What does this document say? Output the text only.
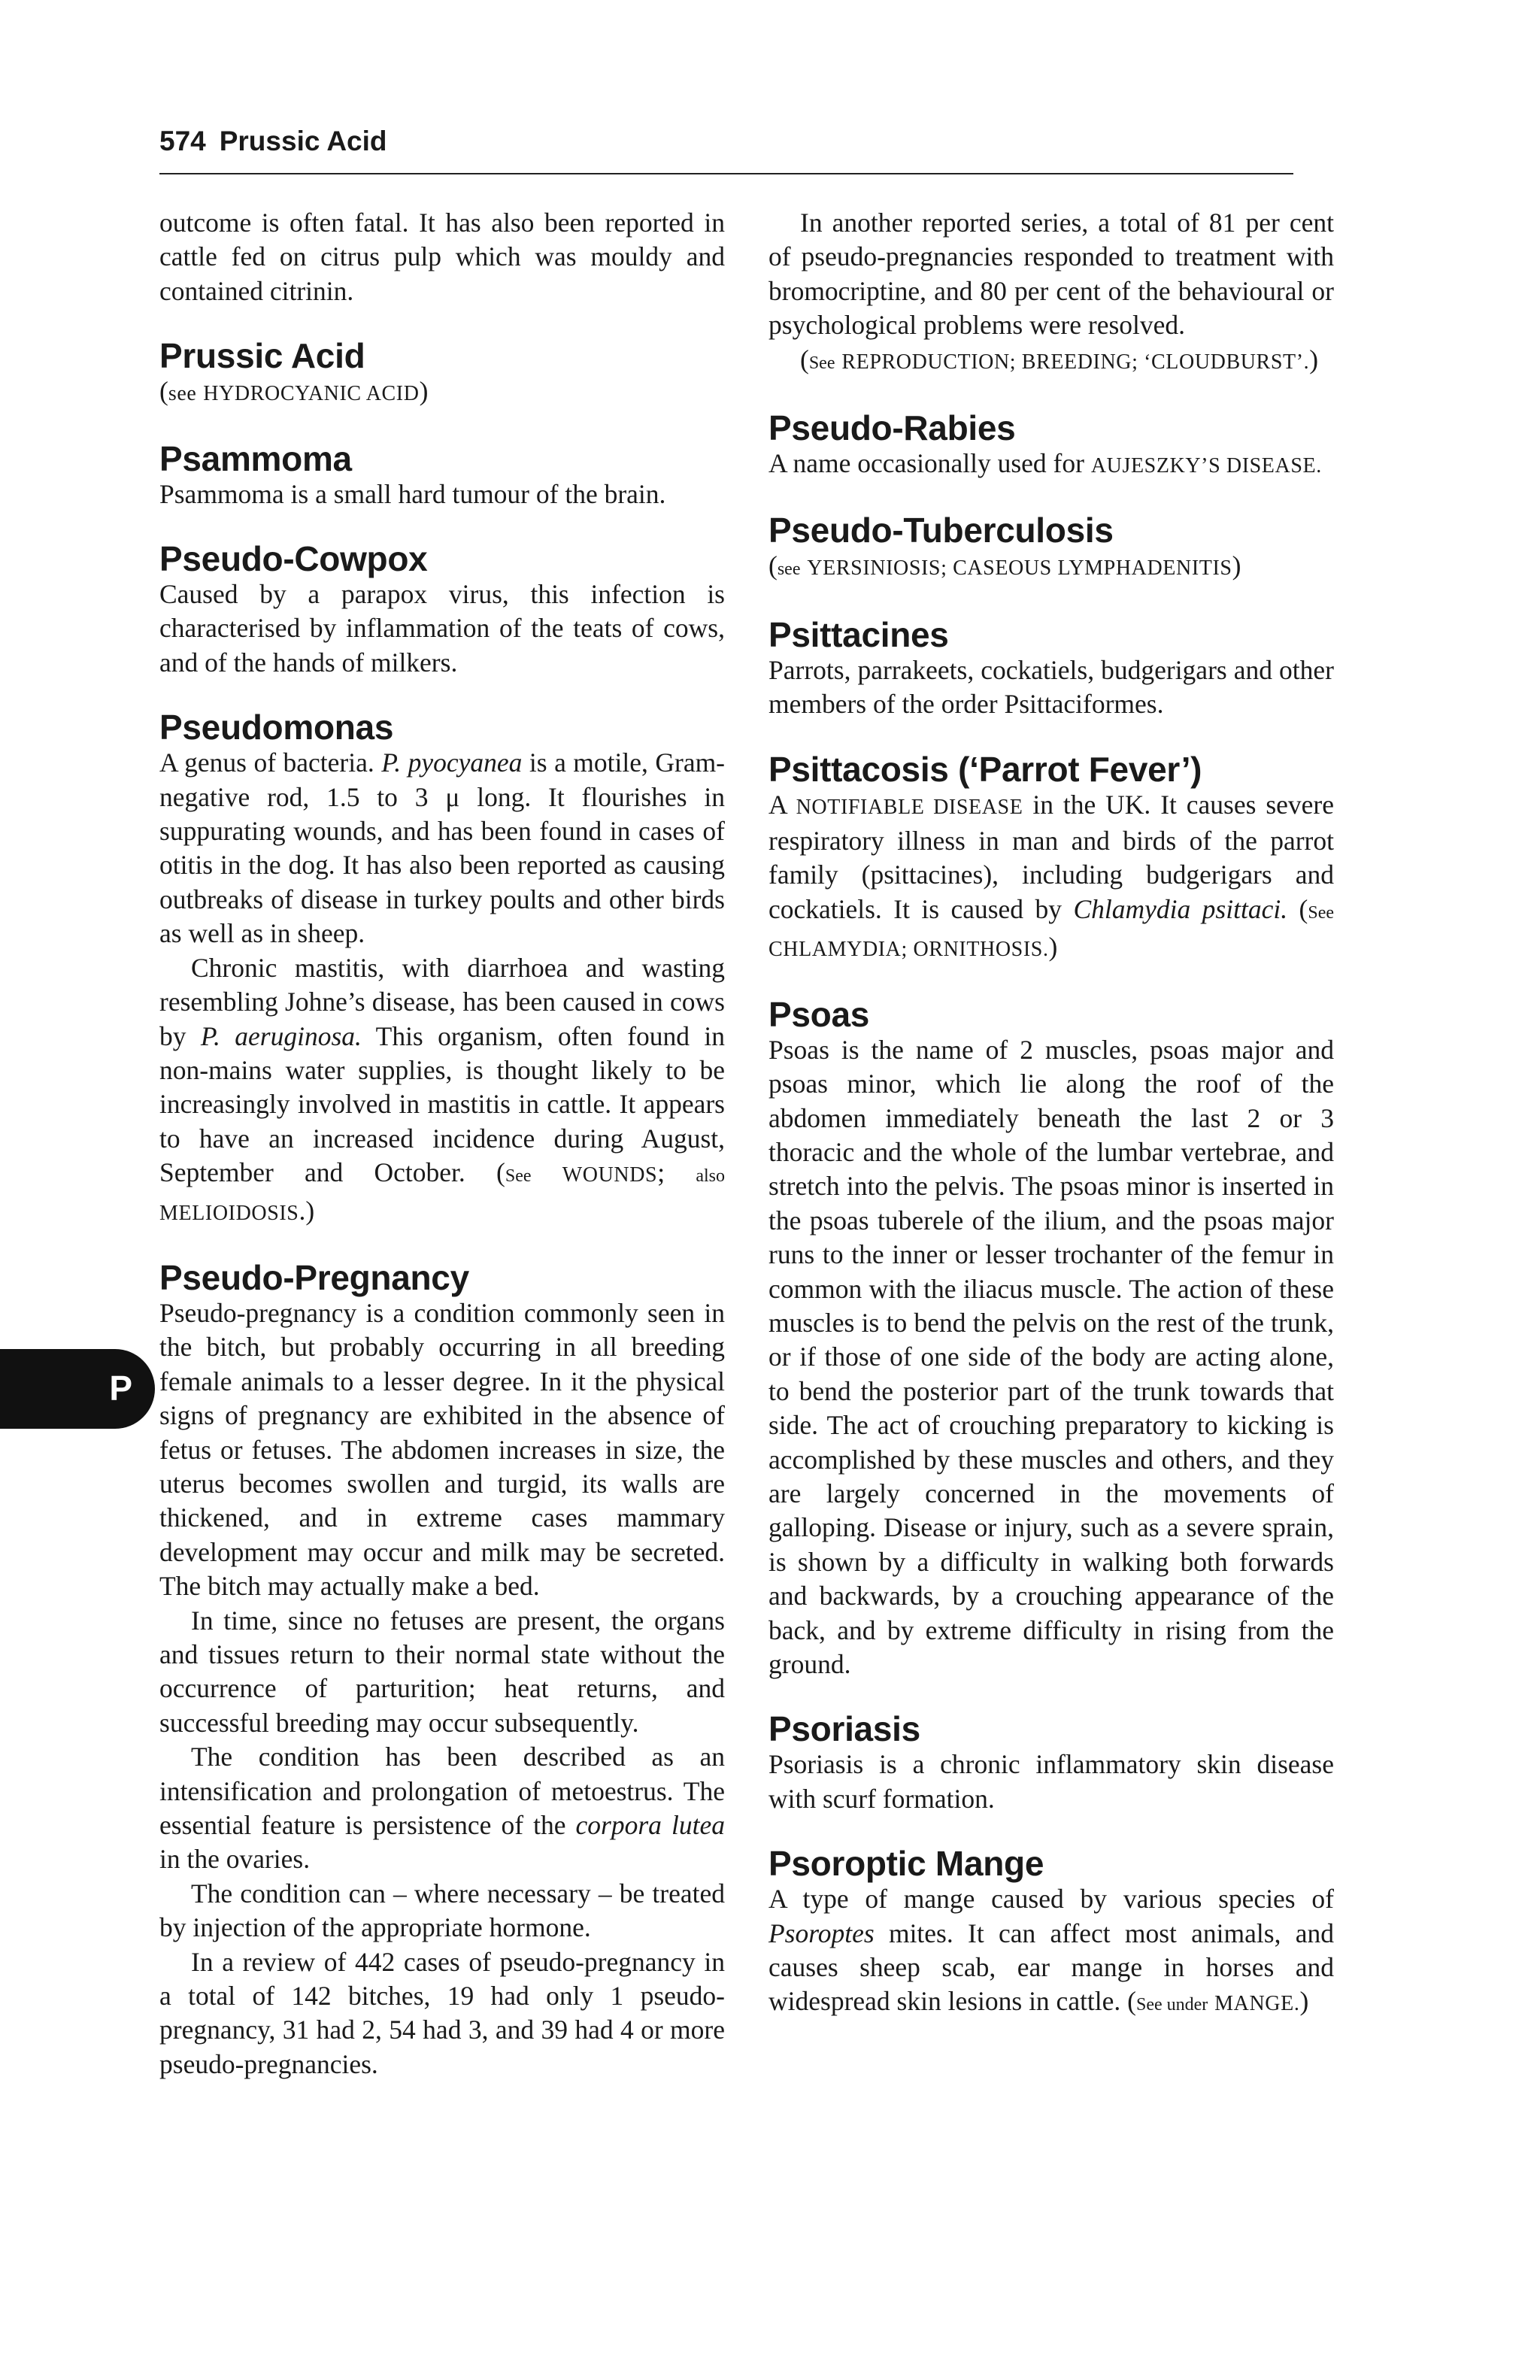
574 Prussic Acid
P

outcome is often fatal. It has also been reported in cattle fed on citrus pulp which was mouldy and contained citrinin.

Prussic Acid

(see HYDROCYANIC ACID)

Psammoma

Psammoma is a small hard tumour of the brain.

Pseudo-Cowpox

Caused by a parapox virus, this infection is characterised by inflammation of the teats of cows, and of the hands of milkers.

Pseudomonas

A genus of bacteria. P. pyocyanea is a motile, Gram-negative rod, 1.5 to 3 μ long. It flourishes in suppurating wounds, and has been found in cases of otitis in the dog. It has also been reported as causing outbreaks of disease in turkey poults and other birds as well as in sheep.

Chronic mastitis, with diarrhoea and wasting resembling Johne’s disease, has been caused in cows by P. aeruginosa. This organism, often found in non-mains water supplies, is thought likely to be increasingly involved in mastitis in cattle. It appears to have an increased incidence during August, September and October. (See WOUNDS; also MELIOIDOSIS.)

Pseudo-Pregnancy

Pseudo-pregnancy is a condition commonly seen in the bitch, but probably occurring in all breeding female animals to a lesser degree. In it the physical signs of pregnancy are exhibited in the absence of fetus or fetuses. The abdomen increases in size, the uterus becomes swollen and turgid, its walls are thickened, and in extreme cases mammary development may occur and milk may be secreted. The bitch may actually make a bed.

In time, since no fetuses are present, the organs and tissues return to their normal state without the occurrence of parturition; heat returns, and successful breeding may occur subsequently.

The condition has been described as an intensification and prolongation of metoestrus. The essential feature is persistence of the corpora lutea in the ovaries.

The condition can – where necessary – be treated by injection of the appropriate hormone.

In a review of 442 cases of pseudo-pregnancy in a total of 142 bitches, 19 had only 1 pseudo-pregnancy, 31 had 2, 54 had 3, and 39 had 4 or more pseudo-pregnancies.

In another reported series, a total of 81 per cent of pseudo-pregnancies responded to treatment with bromocriptine, and 80 per cent of the behavioural or psychological problems were resolved.

(See REPRODUCTION; BREEDING; ‘CLOUDBURST’.)

Pseudo-Rabies

A name occasionally used for AUJESZKY’S DISEASE.

Pseudo-Tuberculosis

(see YERSINIOSIS; CASEOUS LYMPHADENITIS)

Psittacines

Parrots, parrakeets, cockatiels, budgerigars and other members of the order Psittaciformes.

Psittacosis (‘Parrot Fever’)

A NOTIFIABLE DISEASE in the UK. It causes severe respiratory illness in man and birds of the parrot family (psittacines), including budgerigars and cockatiels. It is caused by Chlamydia psittaci. (See CHLAMYDIA; ORNITHOSIS.)

Psoas

Psoas is the name of 2 muscles, psoas major and psoas minor, which lie along the roof of the abdomen immediately beneath the last 2 or 3 thoracic and the whole of the lumbar vertebrae, and stretch into the pelvis. The psoas minor is inserted in the psoas tuberele of the ilium, and the psoas major runs to the inner or lesser trochanter of the femur in common with the iliacus muscle. The action of these muscles is to bend the pelvis on the rest of the trunk, or if those of one side of the body are acting alone, to bend the posterior part of the trunk towards that side. The act of crouching preparatory to kicking is accomplished by these muscles and others, and they are largely concerned in the movements of galloping. Disease or injury, such as a severe sprain, is shown by a difficulty in walking both forwards and backwards, by a crouching appearance of the back, and by extreme difficulty in rising from the ground.

Psoriasis

Psoriasis is a chronic inflammatory skin disease with scurf formation.

Psoroptic Mange

A type of mange caused by various species of Psoroptes mites. It can affect most animals, and causes sheep scab, ear mange in horses and widespread skin lesions in cattle. (See under MANGE.)
